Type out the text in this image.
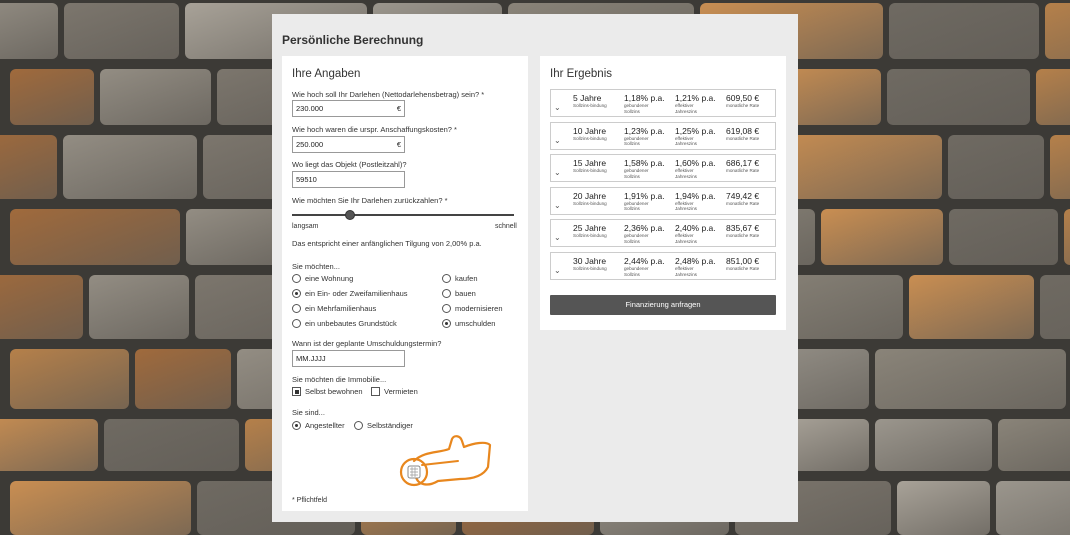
Persönliche Berechnung
Ihre Angaben
Wie hoch soll Ihr Darlehen (Nettodarlehensbetrag) sein? *
230.000	€
Wie hoch waren die urspr. Anschaffungskosten? *
250.000	€
Wo liegt das Objekt (Postleitzahl)?
59510
Wie möchten Sie Ihr Darlehen zurückzahlen? *
langsam	schnell
Das entspricht einer anfänglichen Tilgung von 2,00% p.a.
Sie möchten...
eine Wohnung
ein Ein- oder Zweifamilienhaus
ein Mehrfamilienhaus
ein unbebautes Grundstück
kaufen
bauen
modernisieren
umschulden
Wann ist der geplante Umschuldungstermin?
MM.JJJJ
Sie möchten die Immobilie...
Selbst bewohnen	Vermieten
Sie sind...
Angestellter	Selbständiger
* Pflichtfeld
Ihr Ergebnis
⌄
5 Jahre
Sollzins-bindung
1,18% p.a.
gebundener Sollzins
1,21% p.a.
effektiver Jahreszins
609,50 €
monatliche Rate
⌄
10 Jahre
Sollzins-bindung
1,23% p.a.
gebundener Sollzins
1,25% p.a.
effektiver Jahreszins
619,08 €
monatliche Rate
⌄
15 Jahre
Sollzins-bindung
1,58% p.a.
gebundener Sollzins
1,60% p.a.
effektiver Jahreszins
686,17 €
monatliche Rate
⌄
20 Jahre
Sollzins-bindung
1,91% p.a.
gebundener Sollzins
1,94% p.a.
effektiver Jahreszins
749,42 €
monatliche Rate
⌄
25 Jahre
Sollzins-bindung
2,36% p.a.
gebundener Sollzins
2,40% p.a.
effektiver Jahreszins
835,67 €
monatliche Rate
⌄
30 Jahre
Sollzins-bindung
2,44% p.a.
gebundener Sollzins
2,48% p.a.
effektiver Jahreszins
851,00 €
monatliche Rate
Finanzierung anfragen
